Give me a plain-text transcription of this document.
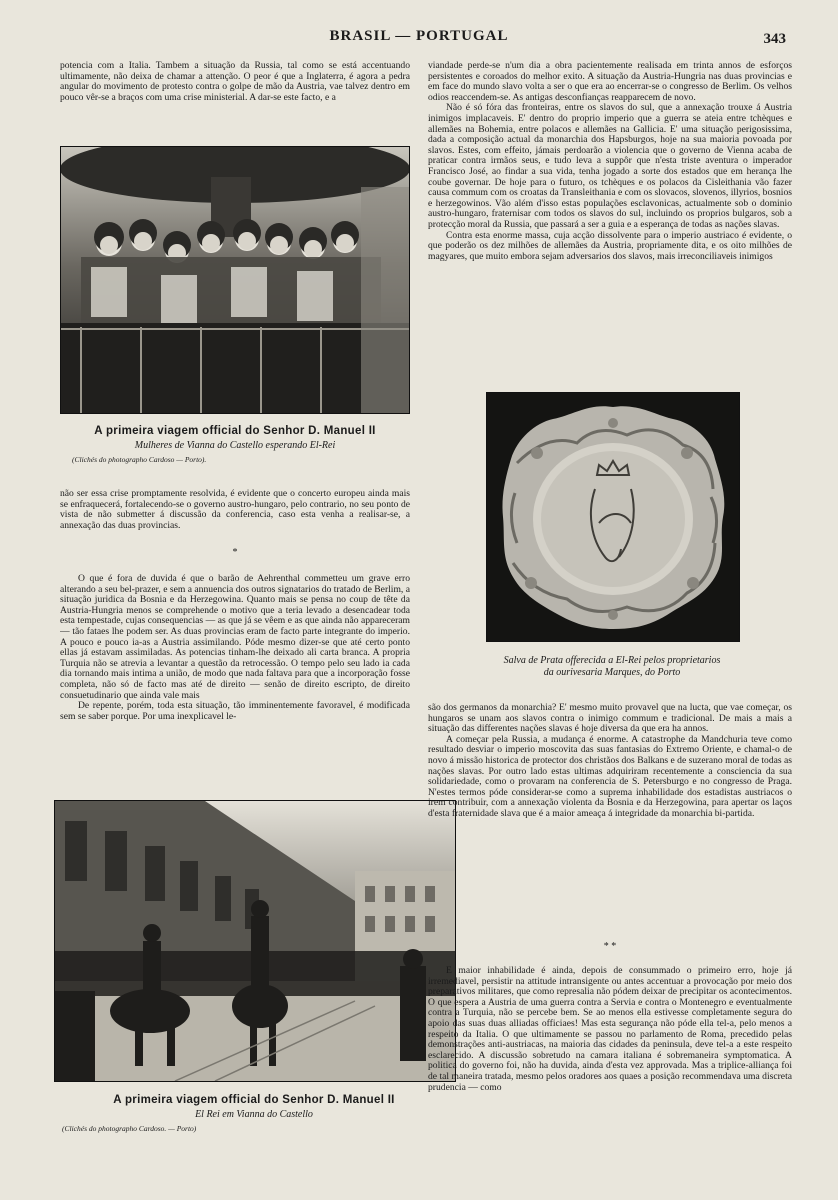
BRASIL — PORTUGAL	343

potencia com a Italia. Tambem a situação da Russia, tal como se está accentuando ultimamente, não deixa de chamar a attenção. O peor é que a Inglaterra, é agora a pedra angular do movimento de protesto contra o golpe de mão da Austria, vae talvez dentro em pouco vêr-se a braços com uma crise ministerial. A dar-se este facto, e a

A primeira viagem official do Senhor D. Manuel II
Mulheres de Vianna do Castello esperando El-Rei
(Clichés do photographo Cardoso — Porto).

não ser essa crise promptamente resolvida, é evidente que o concerto europeu ainda mais se enfraquecerá, fortalecendo-se o governo austro-hungaro, pelo contrario, no seu ponto de vista de não submetter á discussão da conferencia, caso esta venha a realisar-se, a annexação das duas provincias.

*

O que é fora de duvida é que o barão de Aehrenthal commetteu um grave erro alterando a seu bel-prazer, e sem a annuencia dos outros signatarios do tratado de Berlim, a situação juridica da Bosnia e da Herzegowina. Quanto mais se pensa no coup de tête da Austria-Hungria menos se comprehende o motivo que a teria levado a desencadear toda esta tempestade, cujas consequencias — as que já se vêem e as que ainda não appareceram — tão fataes lhe podem ser. As duas provincias eram de facto parte integrante do imperio. A pouco e pouco ia-as a Austria assimilando. Póde mesmo dizer-se que até certo ponto ellas já estavam assimiladas. As potencias tinham-lhe deixado ali carta branca. A propria Turquia não se atrevia a levantar a questão da retrocessão. O tempo pelo seu lado ia cada dia tornando mais intima a união, de modo que nada faltava para que a incorporação fosse completa, não só de facto mas até de direito — senão de direito escripto, de direito consuetudinario que ainda vale mais

De repente, porém, toda esta situação, tão imminentemente favoravel, é modificada sem se saber porque. Por uma inexplicavel le-

A primeira viagem official do Senhor D. Manuel II
El Rei em Vianna do Castello
(Clichés do photographo Cardoso. — Porto)

viandade perde-se n'um dia a obra pacientemente realisada em trinta annos de esforços persistentes e coroados do melhor exito. A situação da Austria-Hungria nas duas provincias e em face do mundo slavo volta a ser o que era ao encerrar-se o congresso de Berlim. Os velhos odios reaccendem-se. As antigas desconfianças reapparecem de novo.

Não é só fóra das fronteiras, entre os slavos do sul, que a annexação trouxe á Austria inimigos implacaveis. E' dentro do proprio imperio que a guerra se ateia entre tchèques e allemães na Bohemia, entre polacos e allemães na Gallicia. E' uma situação perigosissima, dada a composição actual da monarchia dos Hapsburgos, hoje na sua maioria povoada por slavos. Estes, com effeito, jámais perdoarão a violencia que o governo de Vienna acaba de praticar contra irmãos seus, e tudo leva a suppôr que n'esta triste aventura o imperador Francisco José, ao findar a sua vida, tenha jogado a sorte dos estados que em herança lhe coube governar. De hoje para o futuro, os tchèques e os polacos da Cisleithania vão fazer causa commum com os croatas da Transleithania e com os slovacos, slovenos, illyrios, bosnios e herzegowinos. Vão além d'isso estas populações esclavonicas, actualmente sob o dominio austro-hungaro, fraternisar com todos os slavos do sul, incluindo os proprios bulgaros, sob a protecção moral da Russia, que passará a ser a guia e a esperança de todas as nações slavas.

Contra esta enorme massa, cuja acção dissolvente para o imperio austriaco é evidente, o que poderão os dez milhões de allemães da Austria, propriamente dita, e os oito milhões de magyares, que muito embora sejam adversarios dos slavos, mais irreconciliaveis inimigos

Salva de Prata offerecida a El-Rei pelos proprietarios
da ourivesaria Marques, do Porto

são dos germanos da monarchia? E' mesmo muito provavel que na lucta, que vae começar, os hungaros se unam aos slavos contra o inimigo commum e tradicional. De mais a mais a situação das differentes nações slavas é hoje diversa da que era ha annos.

A começar pela Russia, a mudança é enorme. A catastrophe da Mandchuria teve como resultado desviar o imperio moscovita das suas fantasias do Extremo Oriente, e chamal-o de novo á missão historica de protector dos christãos dos Balkans e de suzerano moral de todas as nações slavas. Por outro lado estas ultimas adquiriram recentemente a consciencia da sua solidariedade, como o provaram na conferencia de S. Petersburgo e no congresso de Praga. N'estes termos póde considerar-se como a suprema inhabilidade dos estadistas austriacos o irem contribuir, com a annexação violenta da Bosnia e da Herzegowina, para apertar os laços d'esta fraternidade slava que é a maior ameaça á integridade da monarchia bi-partida.

* *

E maior inhabilidade é ainda, depois de consummado o primeiro erro, hoje já irremediavel, persistir na attitude intransigente ou antes accentuar a provocação por meio dos preparativos militares, que como represalia não pódem deixar de precipitar os acontecimentos. O que espera a Austria de uma guerra contra a Servia e contra o Montenegro e eventualmente contra a Turquia, não se percebe bem. Se ao menos ella estivesse completamente segura do apoio das suas duas alliadas officiaes! Mas esta segurança não póde ella tel-a, pelo menos a respeito da Italia. O que ultimamente se passou no parlamento de Roma, precedido pelas demonstrações anti-austriacas, na maioria das cidades da peninsula, deve tel-a a este respeito esclarecido. A discussão sobretudo na camara italiana é sobremaneira symptomatica. A politica do governo foi, não ha duvida, ainda d'esta vez approvada. Mas a triplice-alliança foi de tal maneira tratada, mesmo pelos oradores aos quaes a posição recommendava uma discreta prudencia — como
